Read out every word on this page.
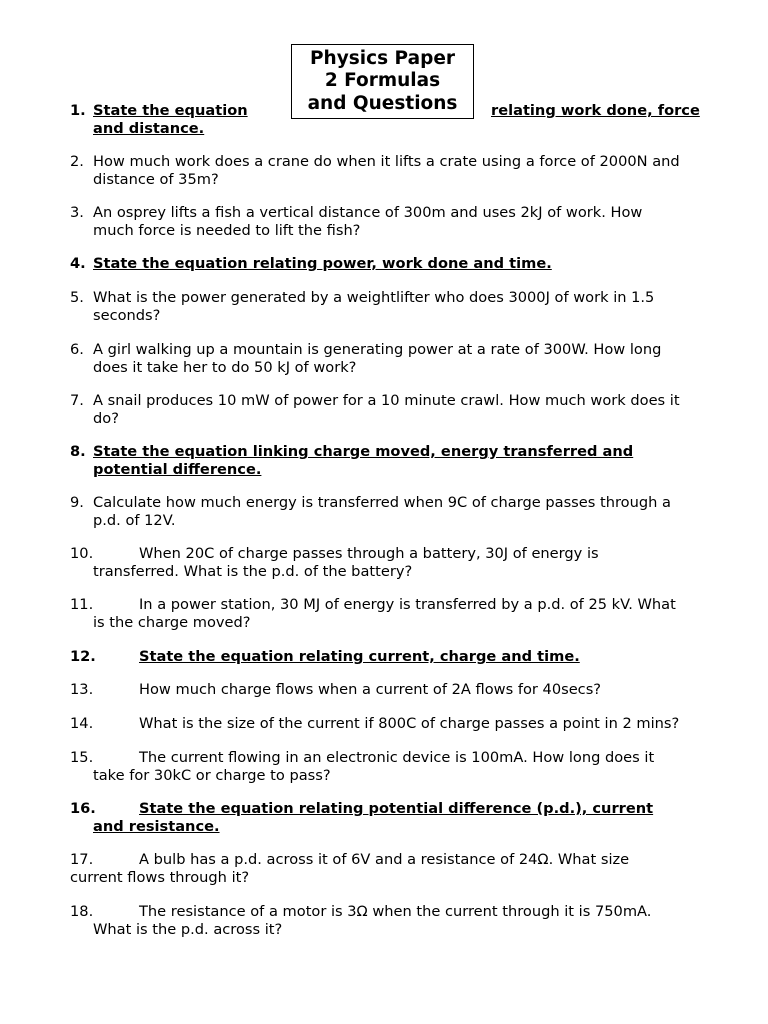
Physics Paper
2 Formulas
and Questions
1. State the equation	relating work done, force
and distance.
2. How much work does a crane do when it lifts a crate using a force of 2000N and
distance of 35m?
3. An osprey lifts a fish a vertical distance of 300m and uses 2kJ of work. How
much force is needed to lift the fish?
4. State the equation relating power, work done and time.
5. What is the power generated by a weightlifter who does 3000J of work in 1.5
seconds?
6. A girl walking up a mountain is generating power at a rate of 300W. How long
does it take her to do 50 kJ of work?
7. A snail produces 10 mW of power for a 10 minute crawl. How much work does it
do?
8. State the equation linking charge moved, energy transferred and
potential difference.
9. Calculate how much energy is transferred when 9C of charge passes through a
p.d. of 12V.
10.	When 20C of charge passes through a battery, 30J of energy is
transferred. What is the p.d. of the battery?
11.	In a power station, 30 MJ of energy is transferred by a p.d. of 25 kV. What
is the charge moved?
12.	State the equation relating current, charge and time.
13.	How much charge flows when a current of 2A flows for 40secs?
14.	What is the size of the current if 800C of charge passes a point in 2 mins?
15.	The current flowing in an electronic device is 100mA. How long does it
take for 30kC or charge to pass?
16.	State the equation relating potential difference (p.d.), current
and resistance.
17.	A bulb has a p.d. across it of 6V and a resistance of 24Ω. What size
current flows through it?
18.	The resistance of a motor is 3Ω when the current through it is 750mA.
What is the p.d. across it?
